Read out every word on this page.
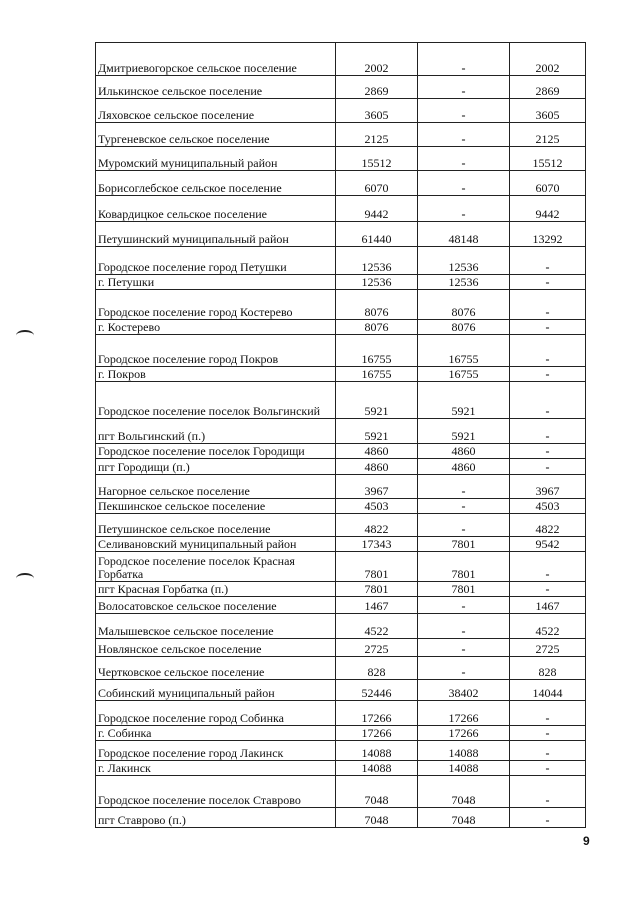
Дмитриевогорское сельское поселение	2002	-	2002
Илькинское сельское поселение	2869	-	2869
Ляховское сельское поселение	3605	-	3605
Тургеневское сельское поселение	2125	-	2125
Муромский муниципальный район	15512	-	15512
Борисоглебское сельское поселение	6070	-	6070
Ковардицкое сельское поселение	9442	-	9442
Петушинский муниципальный район	61440	48148	13292
Городское поселение город Петушки	12536	12536	-
г. Петушки	12536	12536	-
Городское поселение город Костерево	8076	8076	-
г. Костерево	8076	8076	-
Городское поселение город Покров	16755	16755	-
г. Покров	16755	16755	-
Городское поселение поселок Вольгинский	5921	5921	-
пгт Вольгинский (п.)	5921	5921	-
Городское поселение поселок Городищи	4860	4860	-
пгт Городищи (п.)	4860	4860	-
Нагорное сельское поселение	3967	-	3967
Пекшинское сельское поселение	4503	-	4503
Петушинское сельское поселение	4822	-	4822
Селивановский муниципальный район	17343	7801	9542
Городское поселение поселок Красная Горбатка	7801	7801	-
пгт Красная Горбатка (п.)	7801	7801	-
Волосатовское сельское поселение	1467	-	1467
Малышевское сельское поселение	4522	-	4522
Новлянское сельское поселение	2725	-	2725
Чертковское сельское поселение	828	-	828
Собинский муниципальный район	52446	38402	14044
Городское поселение город Собинка	17266	17266	-
г. Собинка	17266	17266	-
Городское поселение город Лакинск	14088	14088	-
г. Лакинск	14088	14088	-
Городское поселение поселок Ставрово	7048	7048	-
пгт Ставрово (п.)	7048	7048	-
9
